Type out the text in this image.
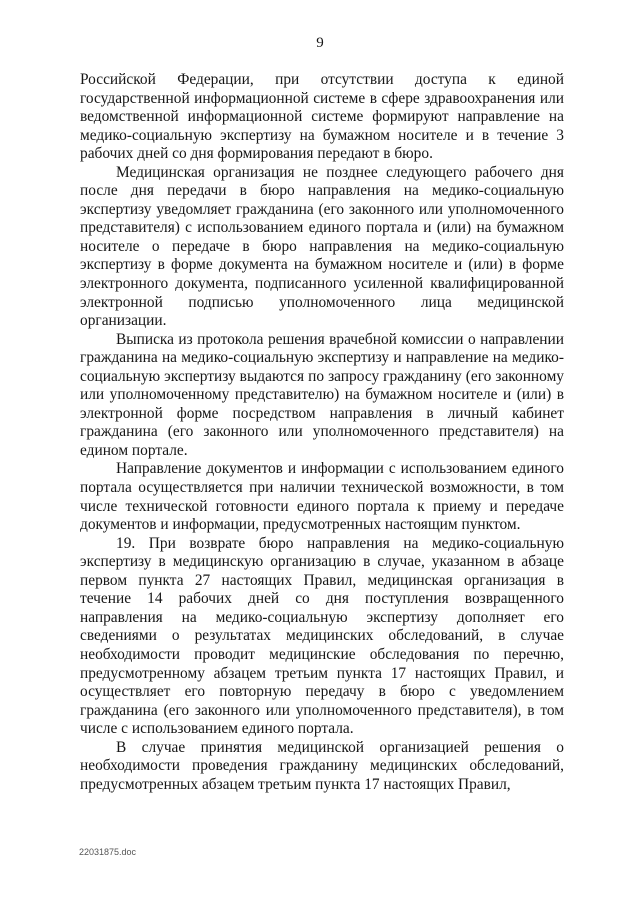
9

Российской Федерации, при отсутствии доступа к единой государственной информационной системе в сфере здравоохранения или ведомственной информационной системе формируют направление на медико-социальную экспертизу на бумажном носителе и в течение 3 рабочих дней со дня формирования передают в бюро.

Медицинская организация не позднее следующего рабочего дня после дня передачи в бюро направления на медико-социальную экспертизу уведомляет гражданина (его законного или уполномоченного представителя) с использованием единого портала и (или) на бумажном носителе о передаче в бюро направления на медико-социальную экспертизу в форме документа на бумажном носителе и (или) в форме электронного документа, подписанного усиленной квалифицированной электронной подписью уполномоченного лица медицинской организации.

Выписка из протокола решения врачебной комиссии о направлении гражданина на медико-социальную экспертизу и направление на медико-социальную экспертизу выдаются по запросу гражданину (его законному или уполномоченному представителю) на бумажном носителе и (или) в электронной форме посредством направления в личный кабинет гражданина (его законного или уполномоченного представителя) на едином портале.

Направление документов и информации с использованием единого портала осуществляется при наличии технической возможности, в том числе технической готовности единого портала к приему и передаче документов и информации, предусмотренных настоящим пунктом.

19. При возврате бюро направления на медико-социальную экспертизу в медицинскую организацию в случае, указанном в абзаце первом пункта 27 настоящих Правил, медицинская организация в течение 14 рабочих дней со дня поступления возвращенного направления на медико-социальную экспертизу дополняет его сведениями о результатах медицинских обследований, в случае необходимости проводит медицинские обследования по перечню, предусмотренному абзацем третьим пункта 17 настоящих Правил, и осуществляет его повторную передачу в бюро с уведомлением гражданина (его законного или уполномоченного представителя), в том числе с использованием единого портала.

В случае принятия медицинской организацией решения о необходимости проведения гражданину медицинских обследований, предусмотренных абзацем третьим пункта 17 настоящих Правил,

22031875.doc
